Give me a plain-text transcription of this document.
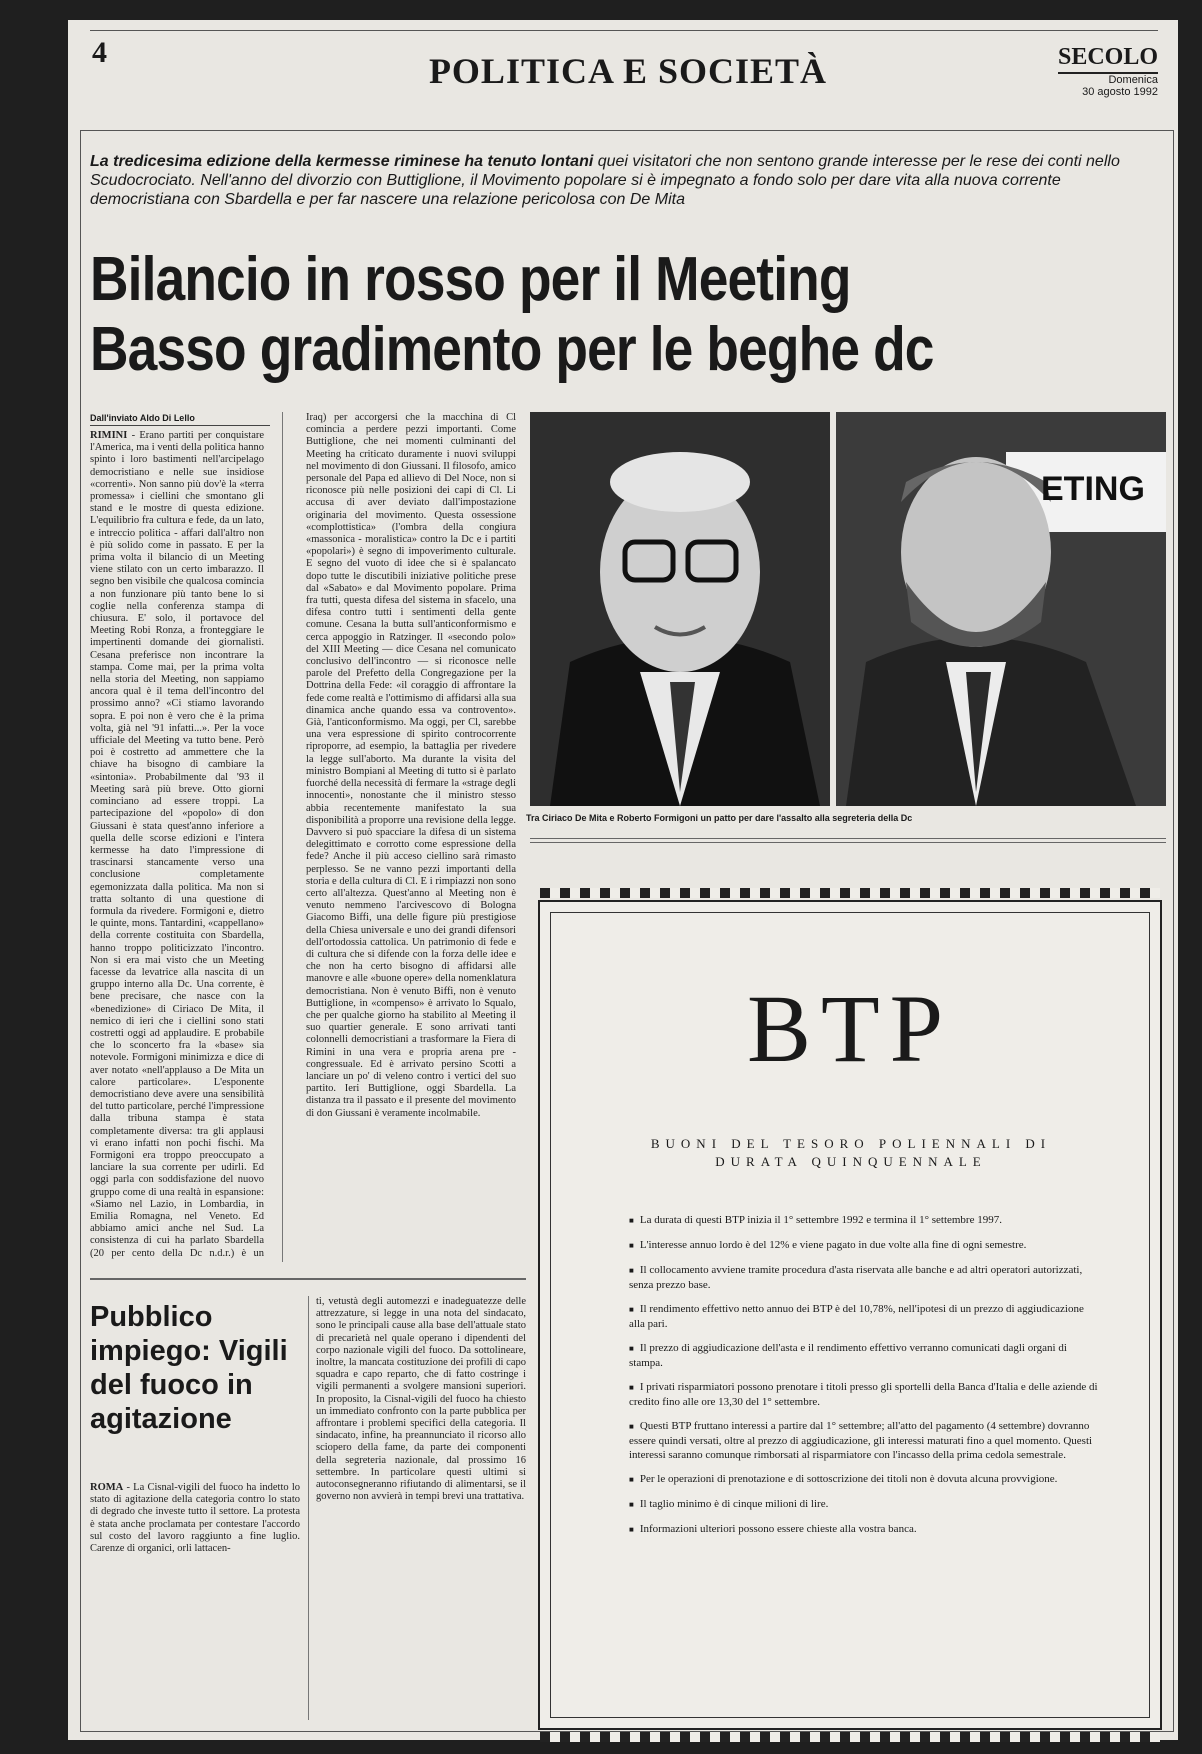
4	POLITICA E SOCIETÀ	SECOLO
Domenica
30 agosto 1992
La tredicesima edizione della kermesse riminese ha tenuto lontani quei visitatori che non sentono grande interesse per le rese dei conti nello Scudocrociato. Nell'anno del divorzio con Buttiglione, il Movimento popolare si è impegnato a fondo solo per dare vita alla nuova corrente democristiana con Sbardella e per far nascere una relazione pericolosa con De Mita
Bilancio in rosso per il Meeting
Basso gradimento per le beghe dc
Dall'inviato Aldo Di Lello
RIMINI - Erano partiti per conquistare l'America, ma i venti della politica hanno spinto i loro bastimenti nell'arcipelago democristiano e nelle sue insidiose «correnti». Non sanno più dov'è la «terra promessa» i ciellini che smontano gli stand e le mostre di questa edizione. L'equilibrio fra cultura e fede, da un lato, e intreccio politica - affari dall'altro non è più solido come in passato. E per la prima volta il bilancio di un Meeting viene stilato con un certo imbarazzo. Il segno ben visibile che qualcosa comincia a non funzionare più tanto bene lo si coglie nella conferenza stampa di chiusura. E' solo, il portavoce del Meeting Robi Ronza, a fronteggiare le impertinenti domande dei giornalisti. Cesana preferisce non incontrare la stampa. Come mai, per la prima volta nella storia del Meeting, non sappiamo ancora qual è il tema dell'incontro del prossimo anno? «Ci stiamo lavorando sopra. E poi non è vero che è la prima volta, già nel '91 infatti...». Per la voce ufficiale del Meeting va tutto bene. Però poi è costretto ad ammettere che la chiave ha bisogno di cambiare la «sintonia». Probabilmente dal '93 il Meeting sarà più breve. Otto giorni cominciano ad essere troppi. La partecipazione del «popolo» di don Giussani è stata quest'anno inferiore a quella delle scorse edizioni e l'intera kermesse ha dato l'impressione di trascinarsi stancamente verso una conclusione completamente egemonizzata dalla politica. Ma non si tratta soltanto di una questione di formula da rivedere. Formigoni e, dietro le quinte, mons. Tantardini, «cappellano» della corrente costituita con Sbardella, hanno troppo politicizzato l'incontro. Non si era mai visto che un Meeting facesse da levatrice alla nascita di un gruppo interno alla Dc. Una corrente, è bene precisare, che nasce con la «benedizione» di Ciriaco De Mita, il nemico di ieri che i ciellini sono stati costretti oggi ad applaudire. E probabile che lo sconcerto fra la «base» sia notevole. Formigoni minimizza e dice di aver notato «nell'applauso a De Mita un calore particolare». L'esponente democristiano deve avere una sensibilità del tutto particolare, perché l'impressione dalla tribuna stampa è stata completamente diversa: tra gli applausi vi erano infatti non pochi fischi. Ma Formigoni era troppo preoccupato a lanciare la sua corrente per udirli. Ed oggi parla con soddisfazione del nuovo gruppo come di una realtà in espansione: «Siamo nel Lazio, in Lombardia, in Emilia Romagna, nel Veneto. Ed abbiamo amici anche nel Sud. La consistenza di cui ha parlato Sbardella (20 per cento della Dc n.d.r.) è un
Iraq) per accorgersi che la macchina di Cl comincia a perdere pezzi importanti. Come Buttiglione, che nei momenti culminanti del Meeting ha criticato duramente i nuovi sviluppi nel movimento di don Giussani. Il filosofo, amico personale del Papa ed allievo di Del Noce, non si riconosce più nelle posizioni dei capi di Cl. Li accusa di aver deviato dall'impostazione originaria del movimento. Questa ossessione «complottistica» (l'ombra della congiura «massonica - moralistica» contro la Dc e i partiti «popolari») è segno di impoverimento culturale. E segno del vuoto di idee che si è spalancato dopo tutte le discutibili iniziative politiche prese dal «Sabato» e dal Movimento popolare. Prima fra tutti, questa difesa del sistema in sfacelo, una difesa contro tutti i sentimenti della gente comune. Cesana la butta sull'anticonformismo e cerca appoggio in Ratzinger. Il «secondo polo» del XIII Meeting — dice Cesana nel comunicato conclusivo dell'incontro — si riconosce nelle parole del Prefetto della Congregazione per la Dottrina della Fede: «il coraggio di affrontare la fede come realtà e l'ottimismo di affidarsi alla sua dinamica anche quando essa va controvento». Già, l'anticonformismo. Ma oggi, per Cl, sarebbe una vera espressione di spirito controcorrente riproporre, ad esempio, la battaglia per rivedere la legge sull'aborto. Ma durante la visita del ministro Bompiani al Meeting di tutto si è parlato fuorché della necessità di fermare la «strage degli innocenti», nonostante che il ministro stesso abbia recentemente manifestato la sua disponibilità a proporre una revisione della legge. Davvero si può spacciare la difesa di un sistema delegittimato e corrotto come espressione della fede? Anche il più acceso ciellino sarà rimasto perplesso. Se ne vanno pezzi importanti della storia e della cultura di Cl. E i rimpiazzi non sono certo all'altezza. Quest'anno al Meeting non è venuto nemmeno l'arcivescovo di Bologna Giacomo Biffi, una delle figure più prestigiose della Chiesa universale e uno dei grandi difensori dell'ortodossia cattolica. Un patrimonio di fede e di cultura che si difende con la forza delle idee e che non ha certo bisogno di affidarsi alle manovre e alle «buone opere» della nomenklatura democristiana. Non è venuto Biffi, non è venuto Buttiglione, in «compenso» è arrivato lo Squalo, che per qualche giorno ha stabilito al Meeting il suo quartier generale. E sono arrivati tanti colonnelli democristiani a trasformare la Fiera di Rimini in una vera e propria arena pre - congressuale. Ed è arrivato persino Scotti a lanciare un po' di veleno contro i vertici del suo partito. Ieri Buttiglione, oggi Sbardella. La distanza tra il passato e il presente del movimento di don Giussani è veramente incolmabile.
ETING
Tra Ciriaco De Mita e Roberto Formigoni un patto per dare l'assalto alla segreteria della Dc
Pubblico impiego: Vigili del fuoco in agitazione
ROMA - La Cisnal-vigili del fuoco ha indetto lo stato di agitazione della categoria contro lo stato di degrado che investe tutto il settore. La protesta è stata anche proclamata per contestare l'accordo sul costo del lavoro raggiunto a fine luglio. Carenze di organici, orli lattacen-
ti, vetustà degli automezzi e inadeguatezze delle attrezzature, si legge in una nota del sindacato, sono le principali cause alla base dell'attuale stato di precarietà nel quale operano i dipendenti del corpo nazionale vigili del fuoco. Da sottolineare, inoltre, la mancata costituzione dei profili di capo squadra e capo reparto, che di fatto costringe i vigili permanenti a svolgere mansioni superiori. In proposito, la Cisnal-vigili del fuoco ha chiesto un immediato confronto con la parte pubblica per affrontare i problemi specifici della categoria. Il sindacato, infine, ha preannunciato il ricorso allo sciopero della fame, da parte dei componenti della segreteria nazionale, dal prossimo 16 settembre. In particolare questi ultimi si autoconsegneranno rifiutando di alimentarsi, se il governo non avvierà in tempi brevi una trattativa.
BTP
BUONI DEL TESORO POLIENNALI DI DURATA QUINQUENNALE
■ La durata di questi BTP inizia il 1° settembre 1992 e termina il 1° settembre 1997.
■ L'interesse annuo lordo è del 12% e viene pagato in due volte alla fine di ogni semestre.
■ Il collocamento avviene tramite procedura d'asta riservata alle banche e ad altri operatori autorizzati, senza prezzo base.
■ Il rendimento effettivo netto annuo dei BTP è del 10,78%, nell'ipotesi di un prezzo di aggiudicazione alla pari.
■ Il prezzo di aggiudicazione dell'asta e il rendimento effettivo verranno comunicati dagli organi di stampa.
■ I privati risparmiatori possono prenotare i titoli presso gli sportelli della Banca d'Italia e delle aziende di credito fino alle ore 13,30 del 1° settembre.
■ Questi BTP fruttano interessi a partire dal 1° settembre; all'atto del pagamento (4 settembre) dovranno essere quindi versati, oltre al prezzo di aggiudicazione, gli interessi maturati fino a quel momento. Questi interessi saranno comunque rimborsati al risparmiatore con l'incasso della prima cedola semestrale.
■ Per le operazioni di prenotazione e di sottoscrizione dei titoli non è dovuta alcuna provvigione.
■ Il taglio minimo è di cinque milioni di lire.
■ Informazioni ulteriori possono essere chieste alla vostra banca.
